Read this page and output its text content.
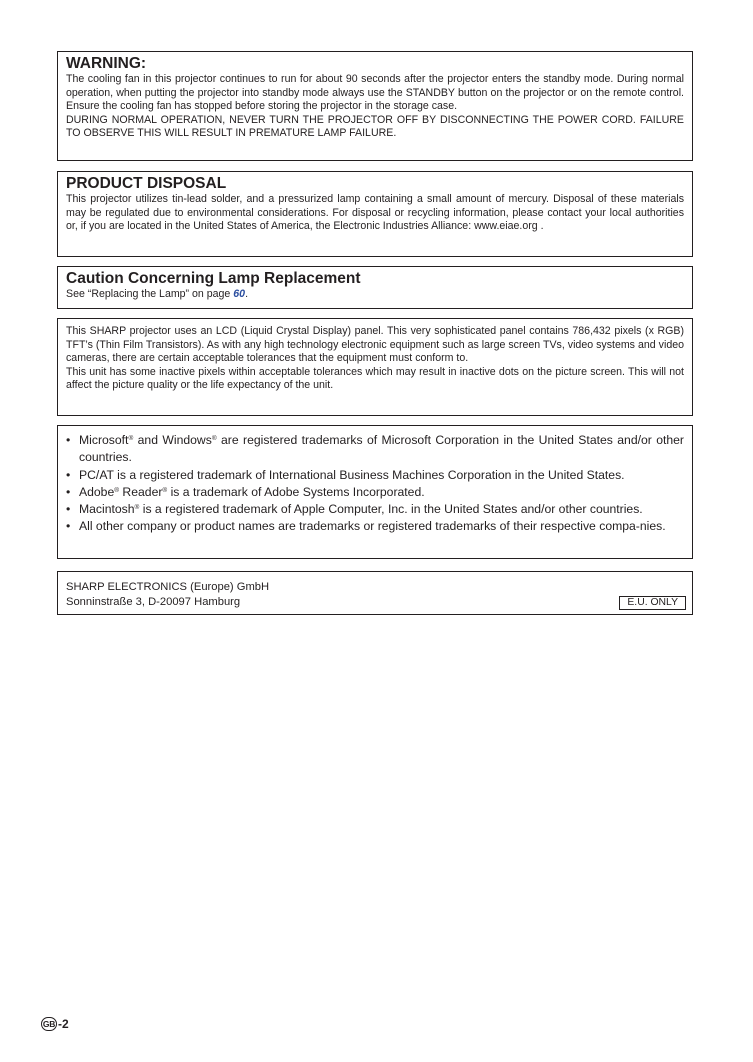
WARNING:

The cooling fan in this projector continues to run for about 90 seconds after the projector enters the standby mode. During normal operation, when putting the projector into standby mode always use the STANDBY button on the projector or on the remote control. Ensure the cooling fan has stopped before storing the projector in the storage case.

DURING NORMAL OPERATION, NEVER TURN THE PROJECTOR OFF BY DISCONNECTING THE POWER CORD. FAILURE TO OBSERVE THIS WILL RESULT IN PREMATURE LAMP FAILURE.

PRODUCT DISPOSAL

This projector utilizes tin-lead solder, and a pressurized lamp containing a small amount of mercury. Disposal of these materials may be regulated due to environmental considerations. For disposal or recycling information, please contact your local authorities or, if you are located in the United States of America, the Electronic Industries Alliance: www.eiae.org .

Caution Concerning Lamp Replacement

See “Replacing the Lamp” on page 60.

This SHARP projector uses an LCD (Liquid Crystal Display) panel. This very sophisticated panel contains 786,432 pixels (x RGB) TFT’s (Thin Film Transistors). As with any high technology electronic equipment such as large screen TVs, video systems and video cameras, there are certain acceptable tolerances that the equipment must conform to.

This unit has some inactive pixels within acceptable tolerances which may result in inactive dots on the picture screen. This will not affect the picture quality or the life expectancy of the unit.

• Microsoft® and Windows® are registered trademarks of Microsoft Corporation in the United States and/or other countries.
• PC/AT is a registered trademark of International Business Machines Corporation in the United States.
• Adobe® Reader® is a trademark of Adobe Systems Incorporated.
• Macintosh® is a registered trademark of Apple Computer, Inc. in the United States and/or other countries.
• All other company or product names are trademarks or registered trademarks of their respective compa-nies.
SHARP ELECTRONICS (Europe) GmbH
Sonninstraße 3, D-20097 Hamburg	E.U. ONLY
GB -2
